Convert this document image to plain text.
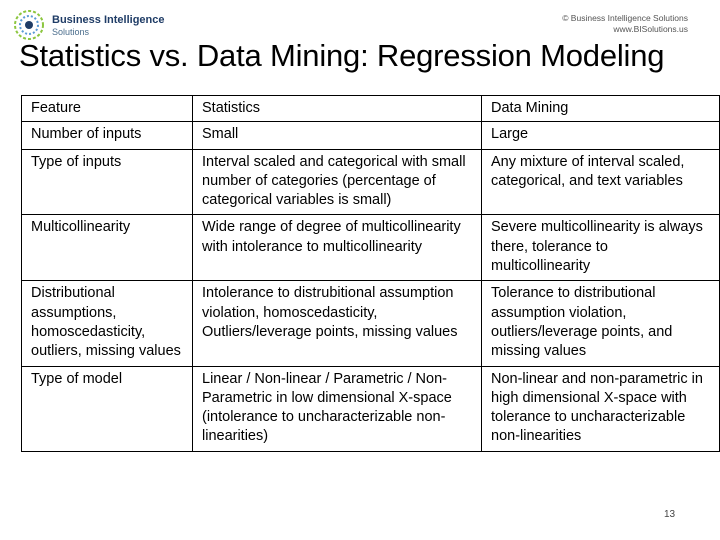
Business Intelligence
Solutions
© Business Intelligence Solutions
www.BISolutions.us
Statistics vs. Data Mining: Regression Modeling
Feature	Statistics	Data Mining
Number of inputs	Small	Large
Type of inputs	Interval scaled and categorical with small number of categories (percentage of categorical variables is small)	Any mixture of interval scaled, categorical, and text variables
Multicollinearity	Wide range of degree of multicollinearity with intolerance to multicollinearity	Severe multicollinearity is always there, tolerance to multicollinearity
Distributional assumptions, homoscedasticity, outliers, missing values	Intolerance to distrubitional assumption violation, homoscedasticity, Outliers/leverage points, missing values	Tolerance to distributional assumption violation, outliers/leverage points, and missing values
Type of model	Linear / Non-linear / Parametric / Non-Parametric in low dimensional X-space (intolerance to uncharacterizable non-linearities)	Non-linear and non-parametric in high dimensional X-space with tolerance to uncharacterizable non-linearities
13
